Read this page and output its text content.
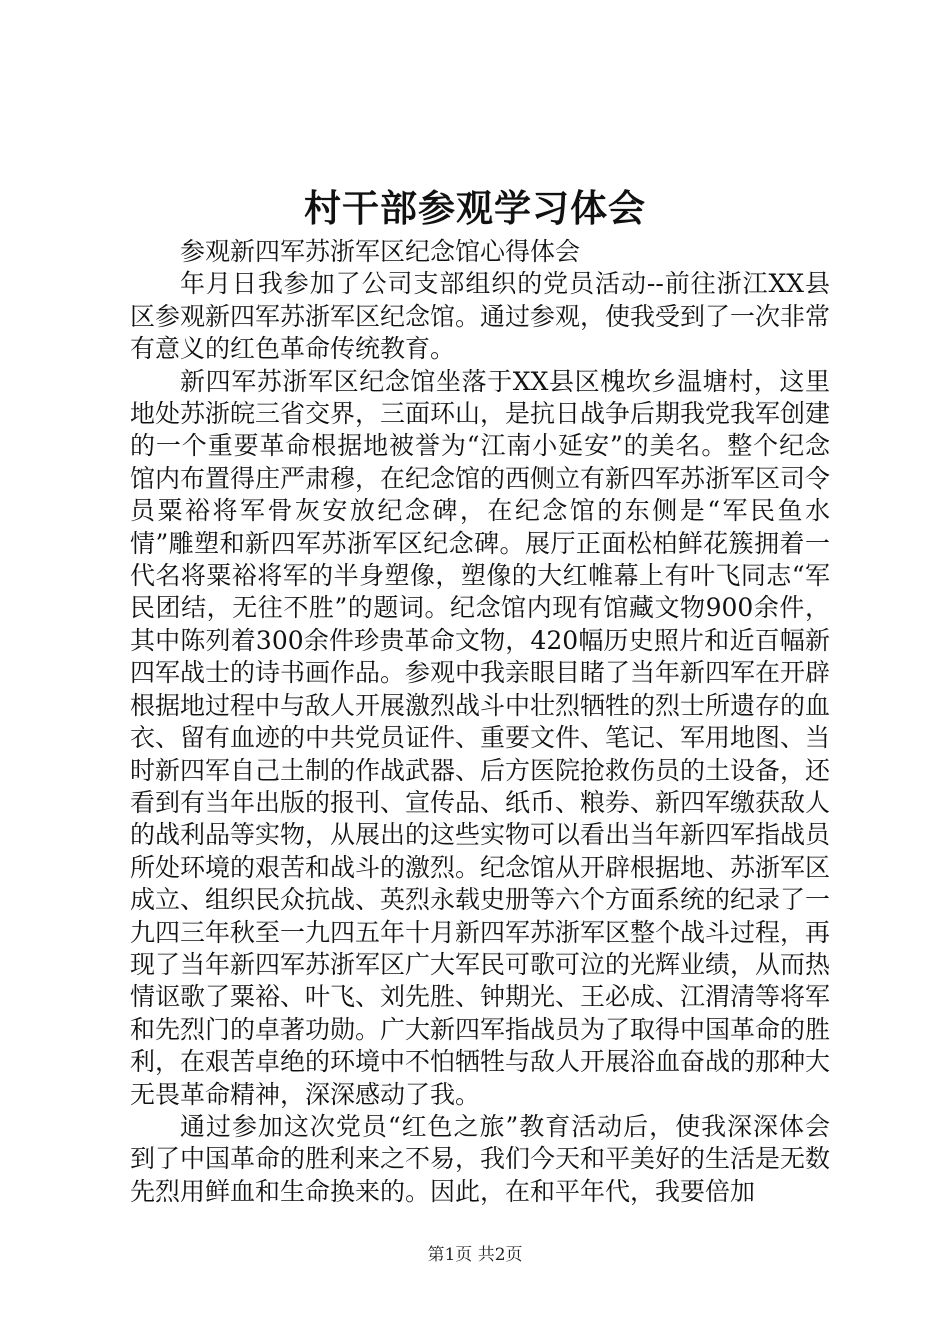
村干部参观学习体会

参观新四军苏浙军区纪念馆心得体会

年月日我参加了公司支部组织的党员活动--前往浙江XX县区参观新四军苏浙军区纪念馆。通过参观，使我受到了一次非常有意义的红色革命传统教育。

新四军苏浙军区纪念馆坐落于XX县区槐坎乡温塘村，这里地处苏浙皖三省交界，三面环山，是抗日战争后期我党我军创建的一个重要革命根据地被誉为“江南小延安”的美名。整个纪念馆内布置得庄严肃穆，在纪念馆的西侧立有新四军苏浙军区司令员粟裕将军骨灰安放纪念碑，在纪念馆的东侧是“军民鱼水情”雕塑和新四军苏浙军区纪念碑。展厅正面松柏鲜花簇拥着一代名将粟裕将军的半身塑像，塑像的大红帷幕上有叶飞同志“军民团结，无往不胜”的题词。纪念馆内现有馆藏文物900余件，其中陈列着300余件珍贵革命文物，420幅历史照片和近百幅新四军战士的诗书画作品。参观中我亲眼目睹了当年新四军在开辟根据地过程中与敌人开展激烈战斗中壮烈牺牲的烈士所遗存的血衣、留有血迹的中共党员证件、重要文件、笔记、军用地图、当时新四军自己土制的作战武器、后方医院抢救伤员的土设备，还看到有当年出版的报刊、宣传品、纸币、粮券、新四军缴获敌人的战利品等实物，从展出的这些实物可以看出当年新四军指战员所处环境的艰苦和战斗的激烈。纪念馆从开辟根据地、苏浙军区成立、组织民众抗战、英烈永载史册等六个方面系统的纪录了一九四三年秋至一九四五年十月新四军苏浙军区整个战斗过程，再现了当年新四军苏浙军区广大军民可歌可泣的光辉业绩，从而热情讴歌了粟裕、叶飞、刘先胜、钟期光、王必成、江渭清等将军和先烈门的卓著功勋。广大新四军指战员为了取得中国革命的胜利，在艰苦卓绝的环境中不怕牺牲与敌人开展浴血奋战的那种大无畏革命精神，深深感动了我。

通过参加这次党员“红色之旅”教育活动后，使我深深体会到了中国革命的胜利来之不易，我们今天和平美好的生活是无数先烈用鲜血和生命换来的。因此，在和平年代，我要倍加

第1页 共2页
